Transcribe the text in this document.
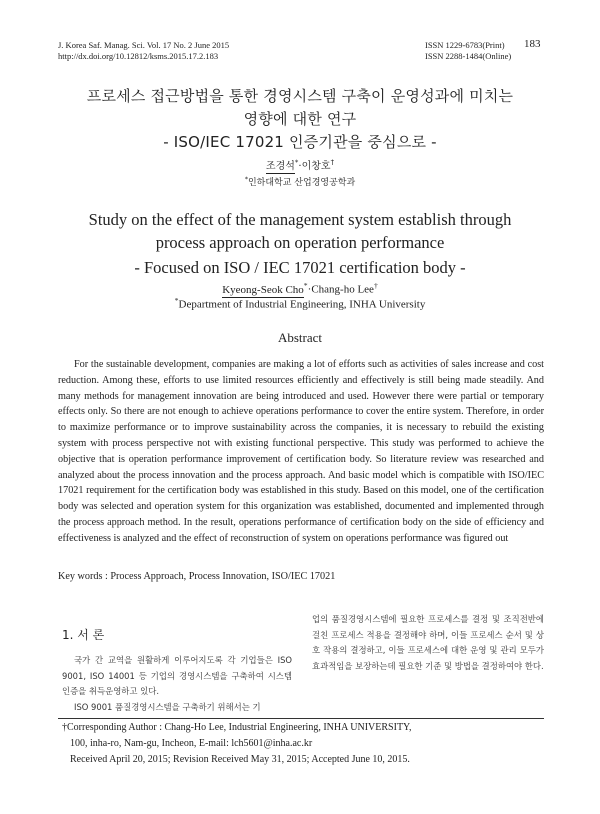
J. Korea Saf. Manag. Sci. Vol. 17 No. 2 June 2015
http://dx.doi.org/10.12812/ksms.2015.17.2.183
ISSN 1229-6783(Print)
ISSN 2288-1484(Online)
183
프로세스 접근방법을 통한 경영시스템 구축이 운영성과에 미치는
영향에 대한 연구
- ISO/IEC 17021 인증기관을 중심으로 -
조경석*·이창호†
*인하대학교 산업경영공학과
Study on the effect of the management system establish through
process approach on operation performance
- Focused on ISO / IEC 17021 certification body -
Kyeong-Seok Cho*·Chang-ho Lee†
*Department of Industrial Engineering, INHA University
Abstract
For the sustainable development, companies are making a lot of efforts such as activities of sales increase and cost reduction. Among these, efforts to use limited resources efficiently and effectively is still being made steadily. And many methods for management innovation are being introduced and used. However there were partial or temporary effects only. So there are not enough to achieve operations performance to cover the entire system. Therefore, in order to maximize performance or to improve sustainability across the companies, it is necessary to rebuild the existing system with process perspective not with existing functional perspective. This study was performed to achieve the objective that is operation performance improvement of certification body. So literature review was researched and analyzed about the process innovation and the process approach. And basic model which is compatible with ISO/IEC 17021 requirement for the certification body was established in this study. Based on this model, one of the certification body was selected and operation system for this organization was established, documented and implemented through the process approach method. In the result, operations performance of certification body on the side of efficiency and effectiveness is analyzed and the effect of reconstruction of system on operations performance was figured out
Key words : Process Approach, Process Innovation, ISO/IEC 17021
1. 서 론
국가 간 교역을 원활하게 이루어지도록 각 기업들은 ISO 9001, ISO 14001 등 기업의 경영시스템을 구축하여 시스템 인증을 취득운영하고 있다.
ISO 9001 품질경영시스템을 구축하기 위해서는 기
업의 품질경영시스템에 필요한 프로세스를 결정 및 조직전반에 걸친 프로세스 적용을 결정해야 하며, 이들 프로세스 순서 및 상호 작용의 결정하고, 이들 프로세스에 대한 운영 및 관리 모두가 효과적임을 보장하는데 필요한 기준 및 방법을 결정하여야 한다.
†Corresponding Author : Chang-Ho Lee, Industrial Engineering, INHA UNIVERSITY,
100, inha-ro, Nam-gu, Incheon, E-mail: lch5601@inha.ac.kr
Received April 20, 2015; Revision Received May 31, 2015; Accepted June 10, 2015.
